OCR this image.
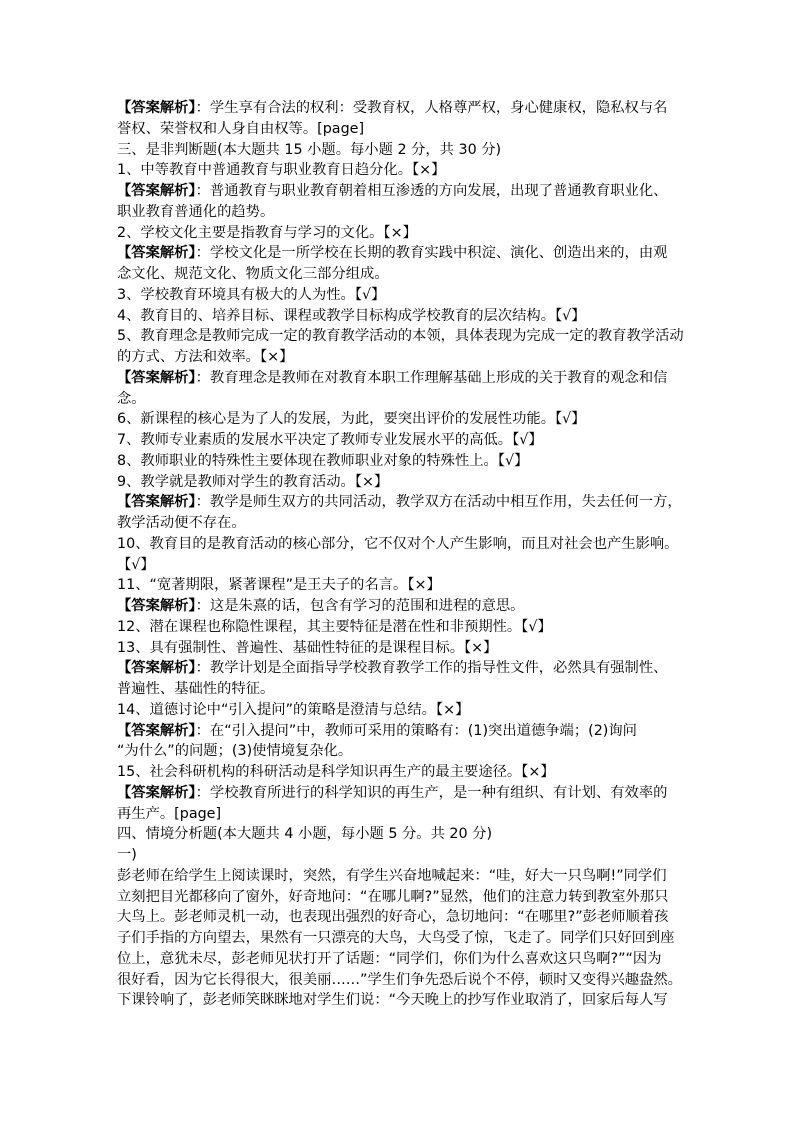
【答案解析】：学生享有合法的权利：受教育权，人格尊严权，身心健康权，隐私权与名
誉权、荣誉权和人身自由权等。[page]
三、是非判断题(本大题共 15 小题。每小题 2 分，共 30 分)
1、中等教育中普通教育与职业教育日趋分化。【×】
【答案解析】：普通教育与职业教育朝着相互渗透的方向发展，出现了普通教育职业化、
职业教育普通化的趋势。
2、学校文化主要是指教育与学习的文化。【×】
【答案解析】：学校文化是一所学校在长期的教育实践中积淀、演化、创造出来的，由观
念文化、规范文化、物质文化三部分组成。
3、学校教育环境具有极大的人为性。【√】
4、教育目的、培养目标、课程或教学目标构成学校教育的层次结构。【√】
5、教育理念是教师完成一定的教育教学活动的本领，具体表现为完成一定的教育教学活动
的方式、方法和效率。【×】
【答案解析】：教育理念是教师在对教育本职工作理解基础上形成的关于教育的观念和信
念。
6、新课程的核心是为了人的发展，为此，要突出评价的发展性功能。【√】
7、教师专业素质的发展水平决定了教师专业发展水平的高低。【√】
8、教师职业的特殊性主要体现在教师职业对象的特殊性上。【√】
9、教学就是教师对学生的教育活动。【×】
【答案解析】：教学是师生双方的共同活动，教学双方在活动中相互作用，失去任何一方，
教学活动便不存在。
10、教育目的是教育活动的核心部分，它不仅对个人产生影响，而且对社会也产生影响。
【√】
11、“宽著期限，紧著课程”是王夫子的名言。【×】
【答案解析】：这是朱熹的话，包含有学习的范围和进程的意思。
12、潜在课程也称隐性课程，其主要特征是潜在性和非预期性。【√】
13、具有强制性、普遍性、基础性特征的是课程目标。【×】
【答案解析】：教学计划是全面指导学校教育教学工作的指导性文件，必然具有强制性、
普遍性、基础性的特征。
14、道德讨论中“引入提问”的策略是澄清与总结。【×】
【答案解析】：在“引入提问”中，教师可采用的策略有：(1)突出道德争端；(2)询问
“为什么”的问题；(3)使情境复杂化。
15、社会科研机构的科研活动是科学知识再生产的最主要途径。【×】
【答案解析】：学校教育所进行的科学知识的再生产，是一种有组织、有计划、有效率的
再生产。[page]
四、情境分析题(本大题共 4 小题，每小题 5 分。共 20 分)
一)
彭老师在给学生上阅读课时，突然，有学生兴奋地喊起来：“哇，好大一只鸟啊!”同学们
立刻把目光都移向了窗外，好奇地问：“在哪儿啊?”显然，他们的注意力转到教室外那只
大鸟上。彭老师灵机一动，也表现出强烈的好奇心，急切地问：“在哪里?”彭老师顺着孩
子们手指的方向望去，果然有一只漂亮的大鸟，大鸟受了惊，飞走了。同学们只好回到座
位上，意犹未尽，彭老师见状打开了话题：“同学们，你们为什么喜欢这只鸟啊?”“因为
很好看，因为它长得很大，很美丽……”学生们争先恐后说个不停，顿时又变得兴趣盎然。
下课铃响了，彭老师笑眯眯地对学生们说：“今天晚上的抄写作业取消了，回家后每人写
